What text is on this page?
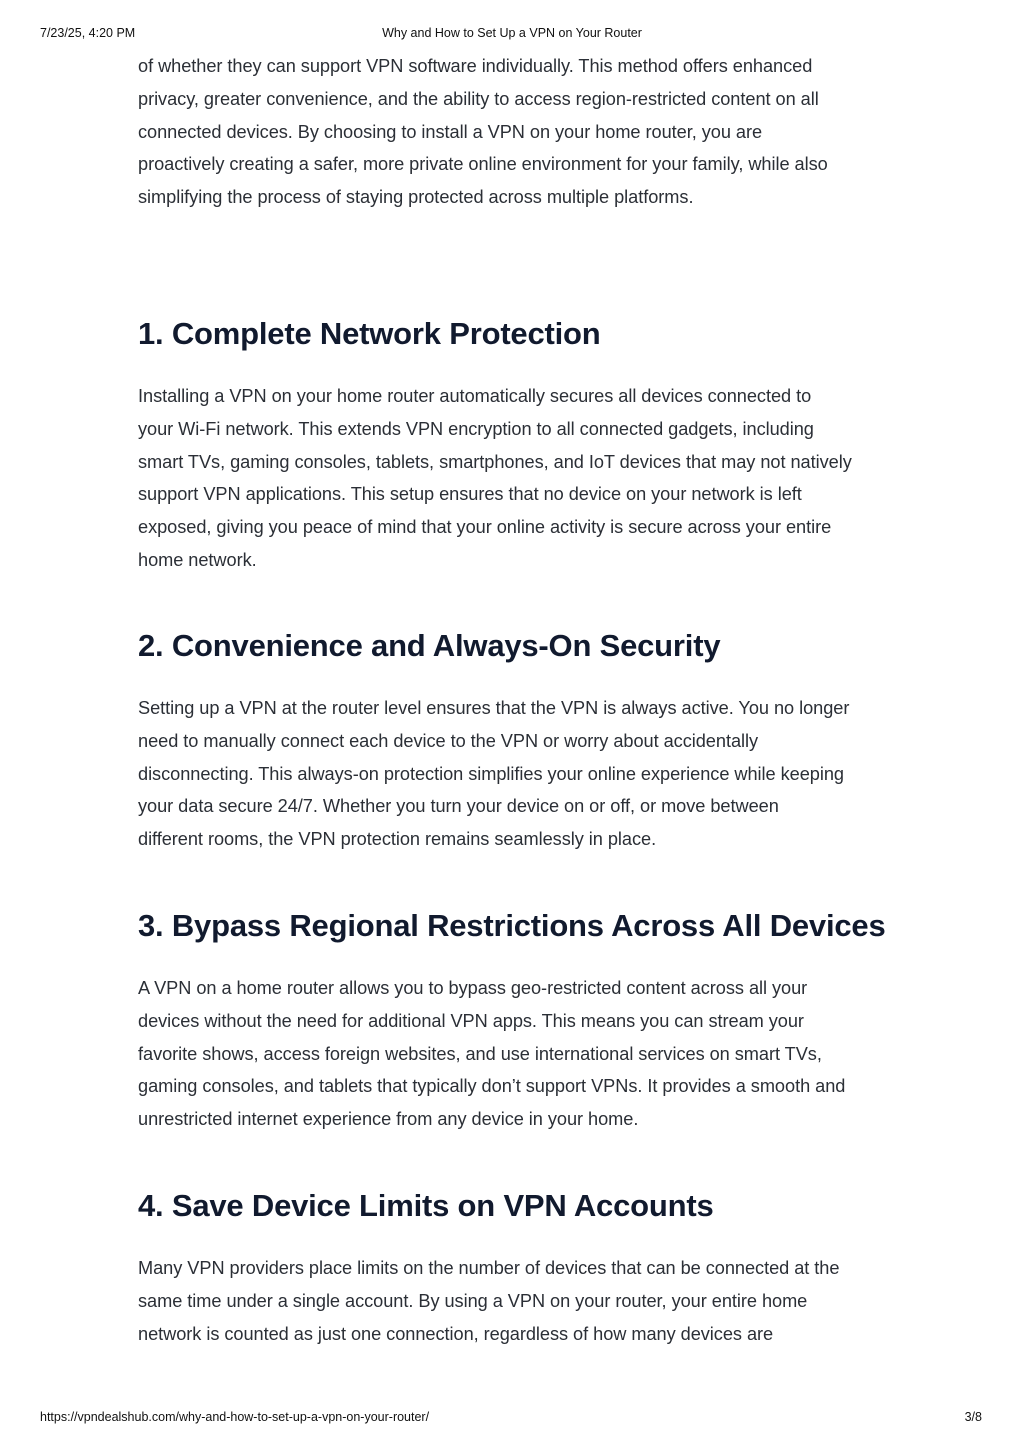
7/23/25, 4:20 PM	Why and How to Set Up a VPN on Your Router

of whether they can support VPN software individually. This method offers enhanced
privacy, greater convenience, and the ability to access region-restricted content on all
connected devices. By choosing to install a VPN on your home router, you are
proactively creating a safer, more private online environment for your family, while also
simplifying the process of staying protected across multiple platforms.

1. Complete Network Protection

Installing a VPN on your home router automatically secures all devices connected to
your Wi-Fi network. This extends VPN encryption to all connected gadgets, including
smart TVs, gaming consoles, tablets, smartphones, and IoT devices that may not natively
support VPN applications. This setup ensures that no device on your network is left
exposed, giving you peace of mind that your online activity is secure across your entire
home network.

2. Convenience and Always-On Security

Setting up a VPN at the router level ensures that the VPN is always active. You no longer
need to manually connect each device to the VPN or worry about accidentally
disconnecting. This always-on protection simplifies your online experience while keeping
your data secure 24/7. Whether you turn your device on or off, or move between
different rooms, the VPN protection remains seamlessly in place.

3. Bypass Regional Restrictions Across All Devices

A VPN on a home router allows you to bypass geo-restricted content across all your
devices without the need for additional VPN apps. This means you can stream your
favorite shows, access foreign websites, and use international services on smart TVs,
gaming consoles, and tablets that typically don’t support VPNs. It provides a smooth and
unrestricted internet experience from any device in your home.

4. Save Device Limits on VPN Accounts

Many VPN providers place limits on the number of devices that can be connected at the
same time under a single account. By using a VPN on your router, your entire home
network is counted as just one connection, regardless of how many devices are

https://vpndealshub.com/why-and-how-to-set-up-a-vpn-on-your-router/	3/8
